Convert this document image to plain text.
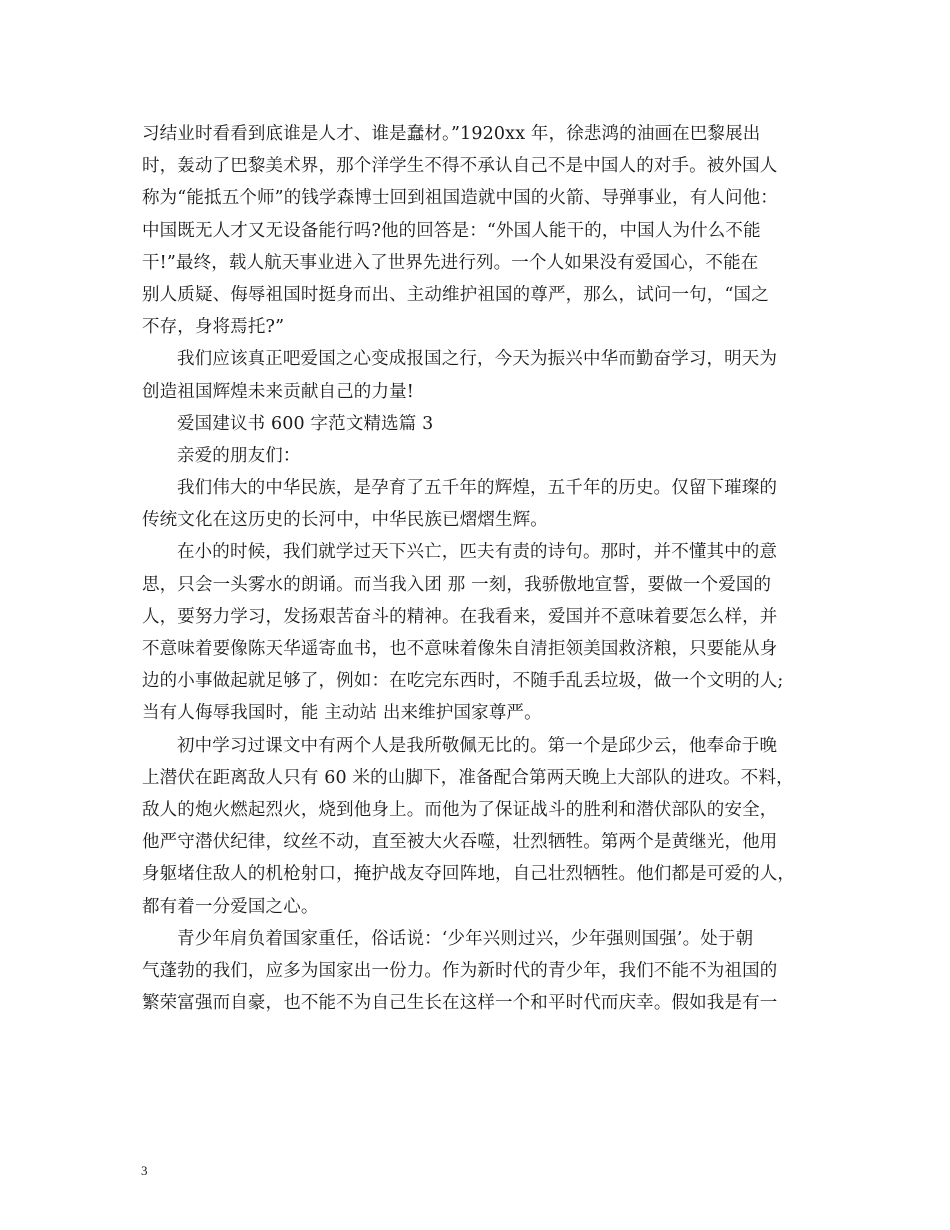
习结业时看看到底谁是人才、谁是蠢材。”1920xx 年，徐悲鸿的油画在巴黎展出
时，轰动了巴黎美术界，那个洋学生不得不承认自己不是中国人的对手。被外国人
称为“能抵五个师”的钱学森博士回到祖国造就中国的火箭、导弹事业，有人问他：
中国既无人才又无设备能行吗?他的回答是：“外国人能干的，中国人为什么不能
干!”最终，载人航天事业进入了世界先进行列。一个人如果没有爱国心，不能在
别人质疑、侮辱祖国时挺身而出、主动维护祖国的尊严，那么，试问一句，“国之
不存，身将焉托?”
我们应该真正吧爱国之心变成报国之行，今天为振兴中华而勤奋学习，明天为
创造祖国辉煌未来贡献自己的力量!
爱国建议书 600 字范文精选篇 3
亲爱的朋友们：
我们伟大的中华民族，是孕育了五千年的辉煌，五千年的历史。仅留下璀璨的
传统文化在这历史的长河中，中华民族已熠熠生辉。
在小的时候，我们就学过天下兴亡，匹夫有责的诗句。那时，并不懂其中的意
思，只会一头雾水的朗诵。而当我入团 那 一刻，我骄傲地宣誓，要做一个爱国的
人，要努力学习，发扬艰苦奋斗的精神。在我看来，爱国并不意味着要怎么样，并
不意味着要像陈天华遥寄血书，也不意味着像朱自清拒领美国救济粮，只要能从身
边的小事做起就足够了，例如：在吃完东西时，不随手乱丢垃圾，做一个文明的人;
当有人侮辱我国时，能 主动站 出来维护国家尊严。
初中学习过课文中有两个人是我所敬佩无比的。第一个是邱少云，他奉命于晚
上潜伏在距离敌人只有 60 米的山脚下，准备配合第两天晚上大部队的进攻。不料，
敌人的炮火燃起烈火，烧到他身上。而他为了保证战斗的胜利和潜伏部队的安全，
他严守潜伏纪律，纹丝不动，直至被大火吞噬，壮烈牺牲。第两个是黄继光，他用
身躯堵住敌人的机枪射口，掩护战友夺回阵地，自己壮烈牺牲。他们都是可爱的人，
都有着一分爱国之心。
青少年肩负着国家重任，俗话说：‘少年兴则过兴，少年强则国强’。处于朝
气蓬勃的我们，应多为国家出一份力。作为新时代的青少年，我们不能不为祖国的
繁荣富强而自豪，也不能不为自己生长在这样一个和平时代而庆幸。假如我是有一
3
